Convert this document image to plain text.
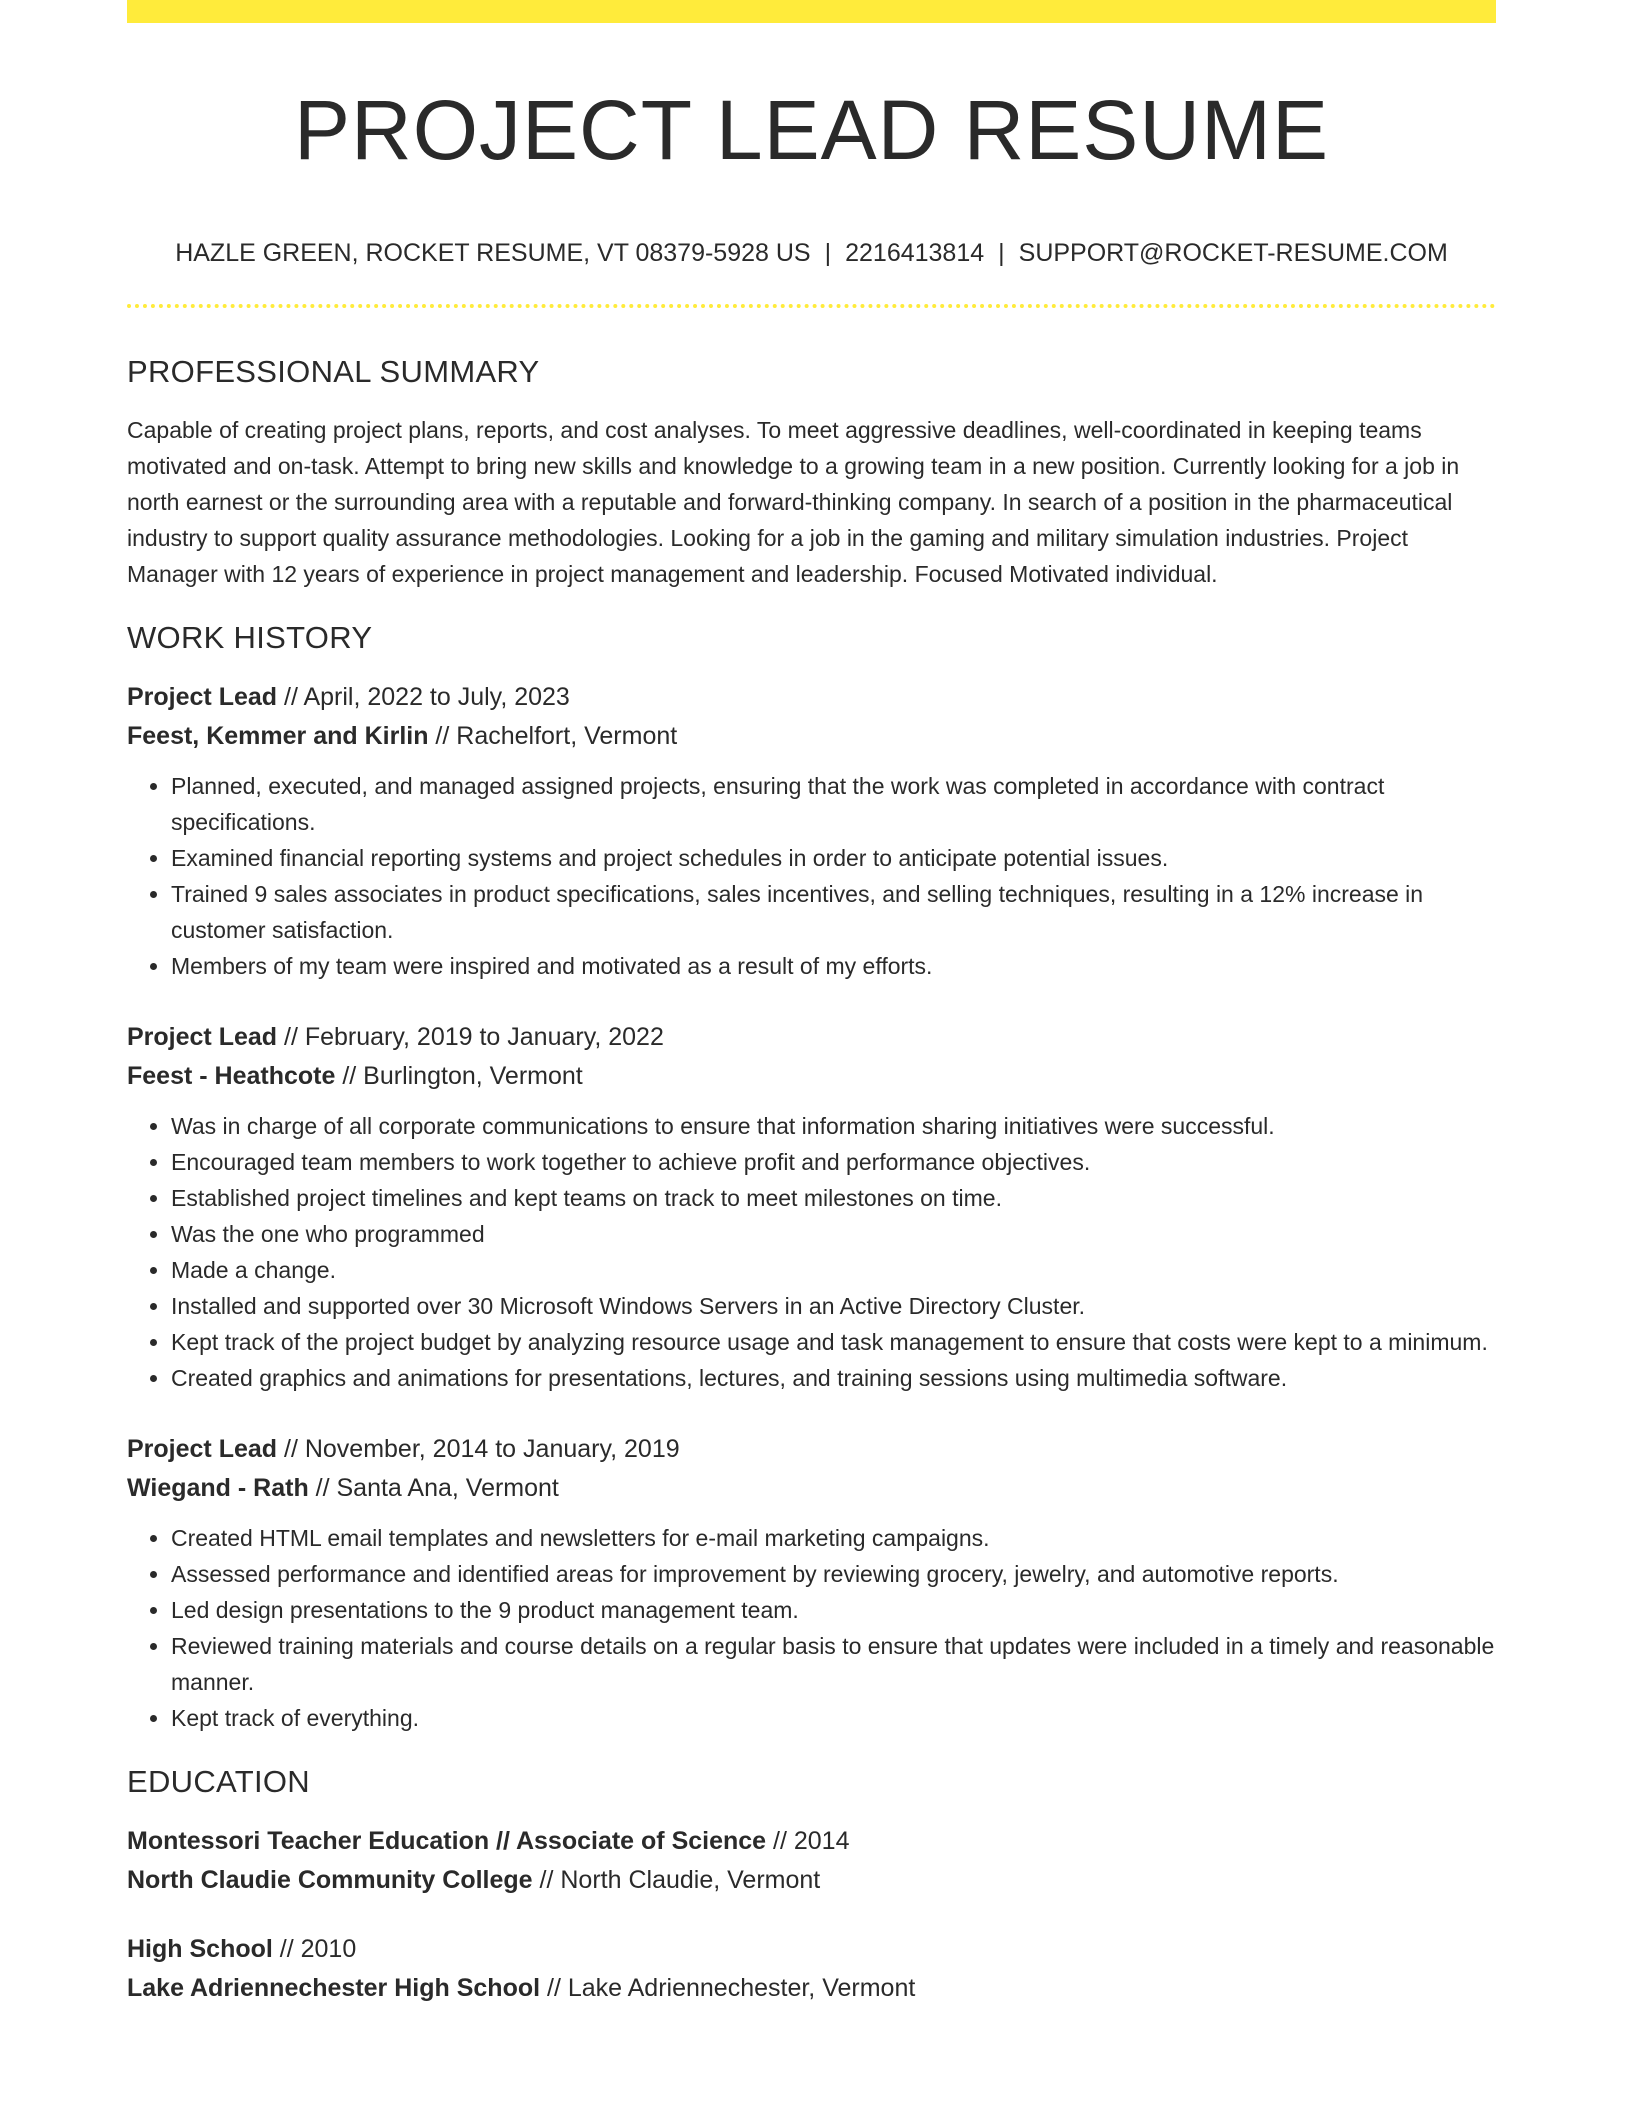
PROJECT LEAD RESUME
HAZLE GREEN, ROCKET RESUME, VT 08379-5928 US | 2216413814 | SUPPORT@ROCKET-RESUME.COM
PROFESSIONAL SUMMARY

Capable of creating project plans, reports, and cost analyses. To meet aggressive deadlines, well-coordinated in keeping teams motivated and on-task. Attempt to bring new skills and knowledge to a growing team in a new position. Currently looking for a job in north earnest or the surrounding area with a reputable and forward-thinking company. In search of a position in the pharmaceutical industry to support quality assurance methodologies. Looking for a job in the gaming and military simulation industries. Project Manager with 12 years of experience in project management and leadership. Focused Motivated individual.

WORK HISTORY
Project Lead // April, 2022 to July, 2023
Feest, Kemmer and Kirlin // Rachelfort, Vermont
• Planned, executed, and managed assigned projects, ensuring that the work was completed in accordance with contract specifications.
• Examined financial reporting systems and project schedules in order to anticipate potential issues.
• Trained 9 sales associates in product specifications, sales incentives, and selling techniques, resulting in a 12% increase in customer satisfaction.
• Members of my team were inspired and motivated as a result of my efforts.
Project Lead // February, 2019 to January, 2022
Feest - Heathcote // Burlington, Vermont
• Was in charge of all corporate communications to ensure that information sharing initiatives were successful.
• Encouraged team members to work together to achieve profit and performance objectives.
• Established project timelines and kept teams on track to meet milestones on time.
• Was the one who programmed
• Made a change.
• Installed and supported over 30 Microsoft Windows Servers in an Active Directory Cluster.
• Kept track of the project budget by analyzing resource usage and task management to ensure that costs were kept to a minimum.
• Created graphics and animations for presentations, lectures, and training sessions using multimedia software.
Project Lead // November, 2014 to January, 2019
Wiegand - Rath // Santa Ana, Vermont
• Created HTML email templates and newsletters for e-mail marketing campaigns.
• Assessed performance and identified areas for improvement by reviewing grocery, jewelry, and automotive reports.
• Led design presentations to the 9 product management team.
• Reviewed training materials and course details on a regular basis to ensure that updates were included in a timely and reasonable manner.
• Kept track of everything.
EDUCATION
Montessori Teacher Education // Associate of Science // 2014
North Claudie Community College // North Claudie, Vermont
High School // 2010
Lake Adriennechester High School // Lake Adriennechester, Vermont
